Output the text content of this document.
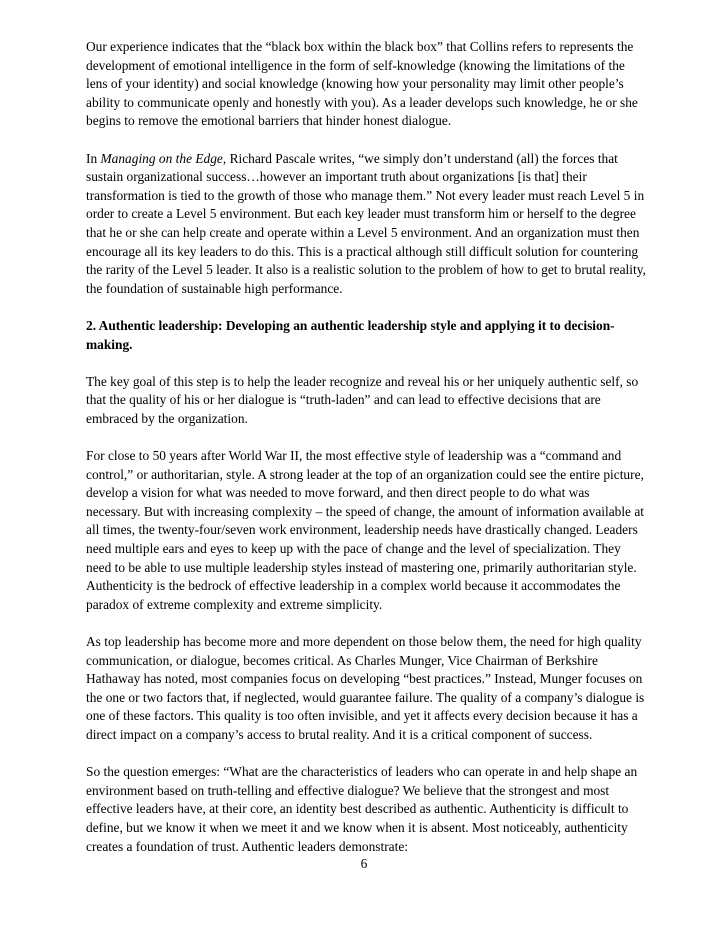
Our experience indicates that the “black box within the black box” that Collins refers to represents the development of emotional intelligence in the form of self-knowledge (knowing the limitations of the lens of your identity) and social knowledge (knowing how your personality may limit other people’s ability to communicate openly and honestly with you). As a leader develops such knowledge, he or she begins to remove the emotional barriers that hinder honest dialogue.

In Managing on the Edge, Richard Pascale writes, “we simply don’t understand (all) the forces that sustain organizational success…however an important truth about organizations [is that] their transformation is tied to the growth of those who manage them.” Not every leader must reach Level 5 in order to create a Level 5 environment. But each key leader must transform him or herself to the degree that he or she can help create and operate within a Level 5 environment. And an organization must then encourage all its key leaders to do this. This is a practical although still difficult solution for countering the rarity of the Level 5 leader. It also is a realistic solution to the problem of how to get to brutal reality, the foundation of sustainable high performance.

2. Authentic leadership: Developing an authentic leadership style and applying it to decision-making.

The key goal of this step is to help the leader recognize and reveal his or her uniquely authentic self, so that the quality of his or her dialogue is “truth-laden” and can lead to effective decisions that are embraced by the organization.

For close to 50 years after World War II, the most effective style of leadership was a “command and control,” or authoritarian, style. A strong leader at the top of an organization could see the entire picture, develop a vision for what was needed to move forward, and then direct people to do what was necessary. But with increasing complexity – the speed of change, the amount of information available at all times, the twenty-four/seven work environment, leadership needs have drastically changed. Leaders need multiple ears and eyes to keep up with the pace of change and the level of specialization. They need to be able to use multiple leadership styles instead of mastering one, primarily authoritarian style. Authenticity is the bedrock of effective leadership in a complex world because it accommodates the paradox of extreme complexity and extreme simplicity.

As top leadership has become more and more dependent on those below them, the need for high quality communication, or dialogue, becomes critical. As Charles Munger, Vice Chairman of Berkshire Hathaway has noted, most companies focus on developing “best practices.” Instead, Munger focuses on the one or two factors that, if neglected, would guarantee failure. The quality of a company’s dialogue is one of these factors. This quality is too often invisible, and yet it affects every decision because it has a direct impact on a company’s access to brutal reality. And it is a critical component of success.

So the question emerges: “What are the characteristics of leaders who can operate in and help shape an environment based on truth-telling and effective dialogue? We believe that the strongest and most effective leaders have, at their core, an identity best described as authentic. Authenticity is difficult to define, but we know it when we meet it and we know when it is absent. Most noticeably, authenticity creates a foundation of trust. Authentic leaders demonstrate:

6
